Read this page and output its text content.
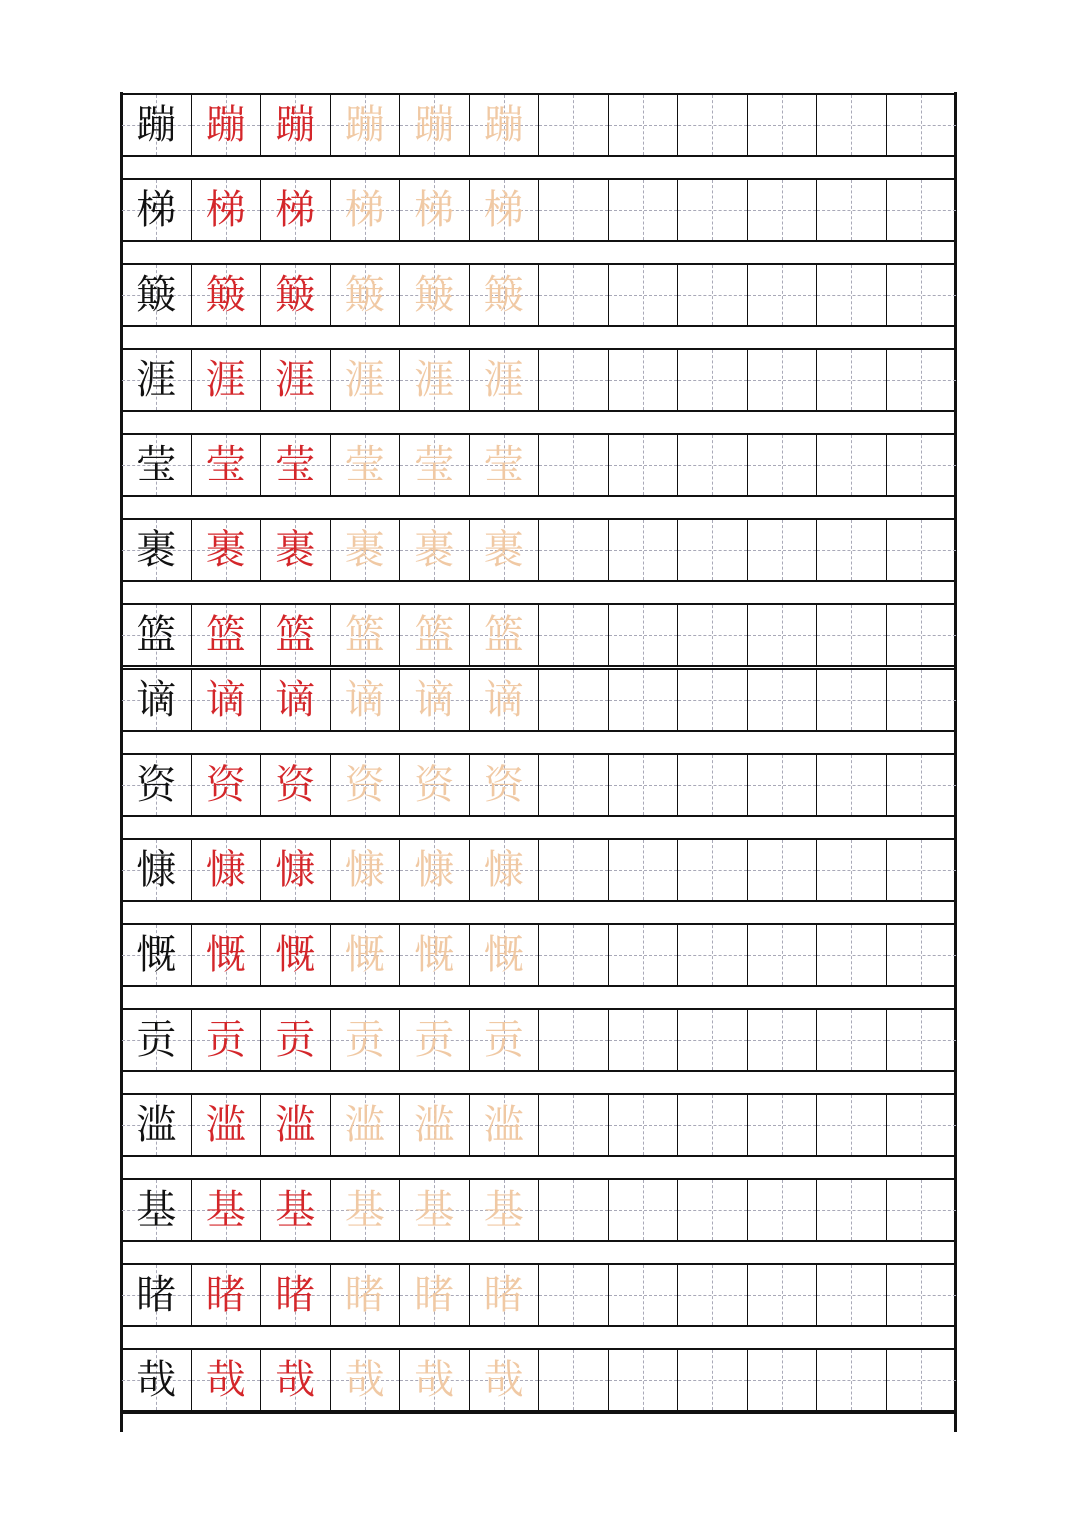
蹦 蹦 蹦 蹦 蹦 蹦
梯 梯 梯 梯 梯 梯
簸 簸 簸 簸 簸 簸
涯 涯 涯 涯 涯 涯
莹 莹 莹 莹 莹 莹
裹 裹 裹 裹 裹 裹
篮 篮 篮 篮 篮 篮
谪 谪 谪 谪 谪 谪
资 资 资 资 资 资
慷 慷 慷 慷 慷 慷
慨 慨 慨 慨 慨 慨
贡 贡 贡 贡 贡 贡
滥 滥 滥 滥 滥 滥
基 基 基 基 基 基
睹 睹 睹 睹 睹 睹
哉 哉 哉 哉 哉 哉
